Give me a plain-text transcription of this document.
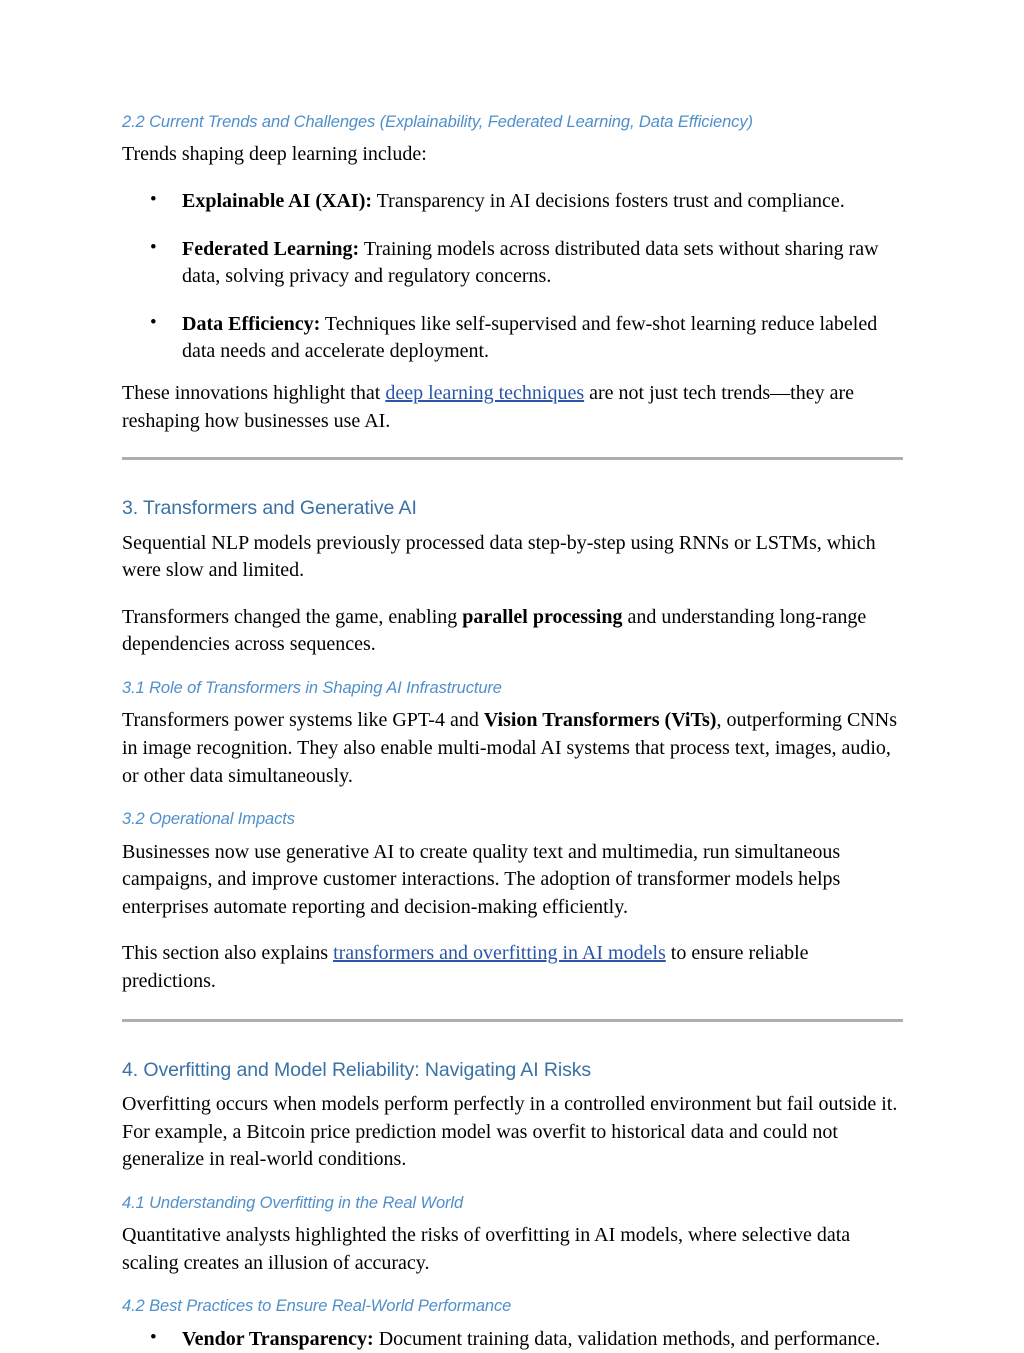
2.2 Current Trends and Challenges (Explainability, Federated Learning, Data Efficiency)

Trends shaping deep learning include:

• Explainable AI (XAI): Transparency in AI decisions fosters trust and compliance.
• Federated Learning: Training models across distributed data sets without sharing raw data, solving privacy and regulatory concerns.
• Data Efficiency: Techniques like self-supervised and few-shot learning reduce labeled data needs and accelerate deployment.

These innovations highlight that deep learning techniques are not just tech trends—they are reshaping how businesses use AI.

3. Transformers and Generative AI

Sequential NLP models previously processed data step-by-step using RNNs or LSTMs, which were slow and limited.

Transformers changed the game, enabling parallel processing and understanding long-range dependencies across sequences.

3.1 Role of Transformers in Shaping AI Infrastructure

Transformers power systems like GPT-4 and Vision Transformers (ViTs), outperforming CNNs in image recognition. They also enable multi-modal AI systems that process text, images, audio, or other data simultaneously.

3.2 Operational Impacts

Businesses now use generative AI to create quality text and multimedia, run simultaneous campaigns, and improve customer interactions. The adoption of transformer models helps enterprises automate reporting and decision-making efficiently.

This section also explains transformers and overfitting in AI models to ensure reliable predictions.

4. Overfitting and Model Reliability: Navigating AI Risks

Overfitting occurs when models perform perfectly in a controlled environment but fail outside it. For example, a Bitcoin price prediction model was overfit to historical data and could not generalize in real-world conditions.

4.1 Understanding Overfitting in the Real World

Quantitative analysts highlighted the risks of overfitting in AI models, where selective data scaling creates an illusion of accuracy.

4.2 Best Practices to Ensure Real-World Performance
• Vendor Transparency: Document training data, validation methods, and performance.
